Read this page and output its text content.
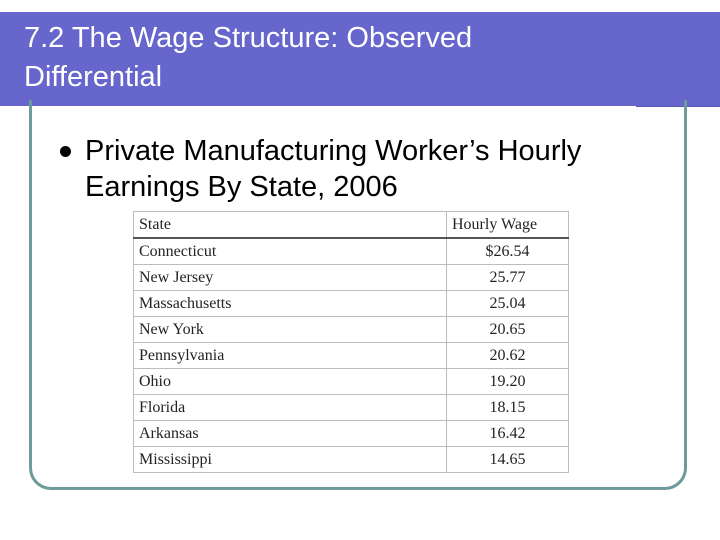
7.2 The Wage Structure: Observed
Differential
Private Manufacturing Worker’s Hourly
Earnings By State, 2006
State	Hourly Wage
Connecticut	$26.54
New Jersey	25.77
Massachusetts	25.04
New York	20.65
Pennsylvania	20.62
Ohio	19.20
Florida	18.15
Arkansas	16.42
Mississippi	14.65
